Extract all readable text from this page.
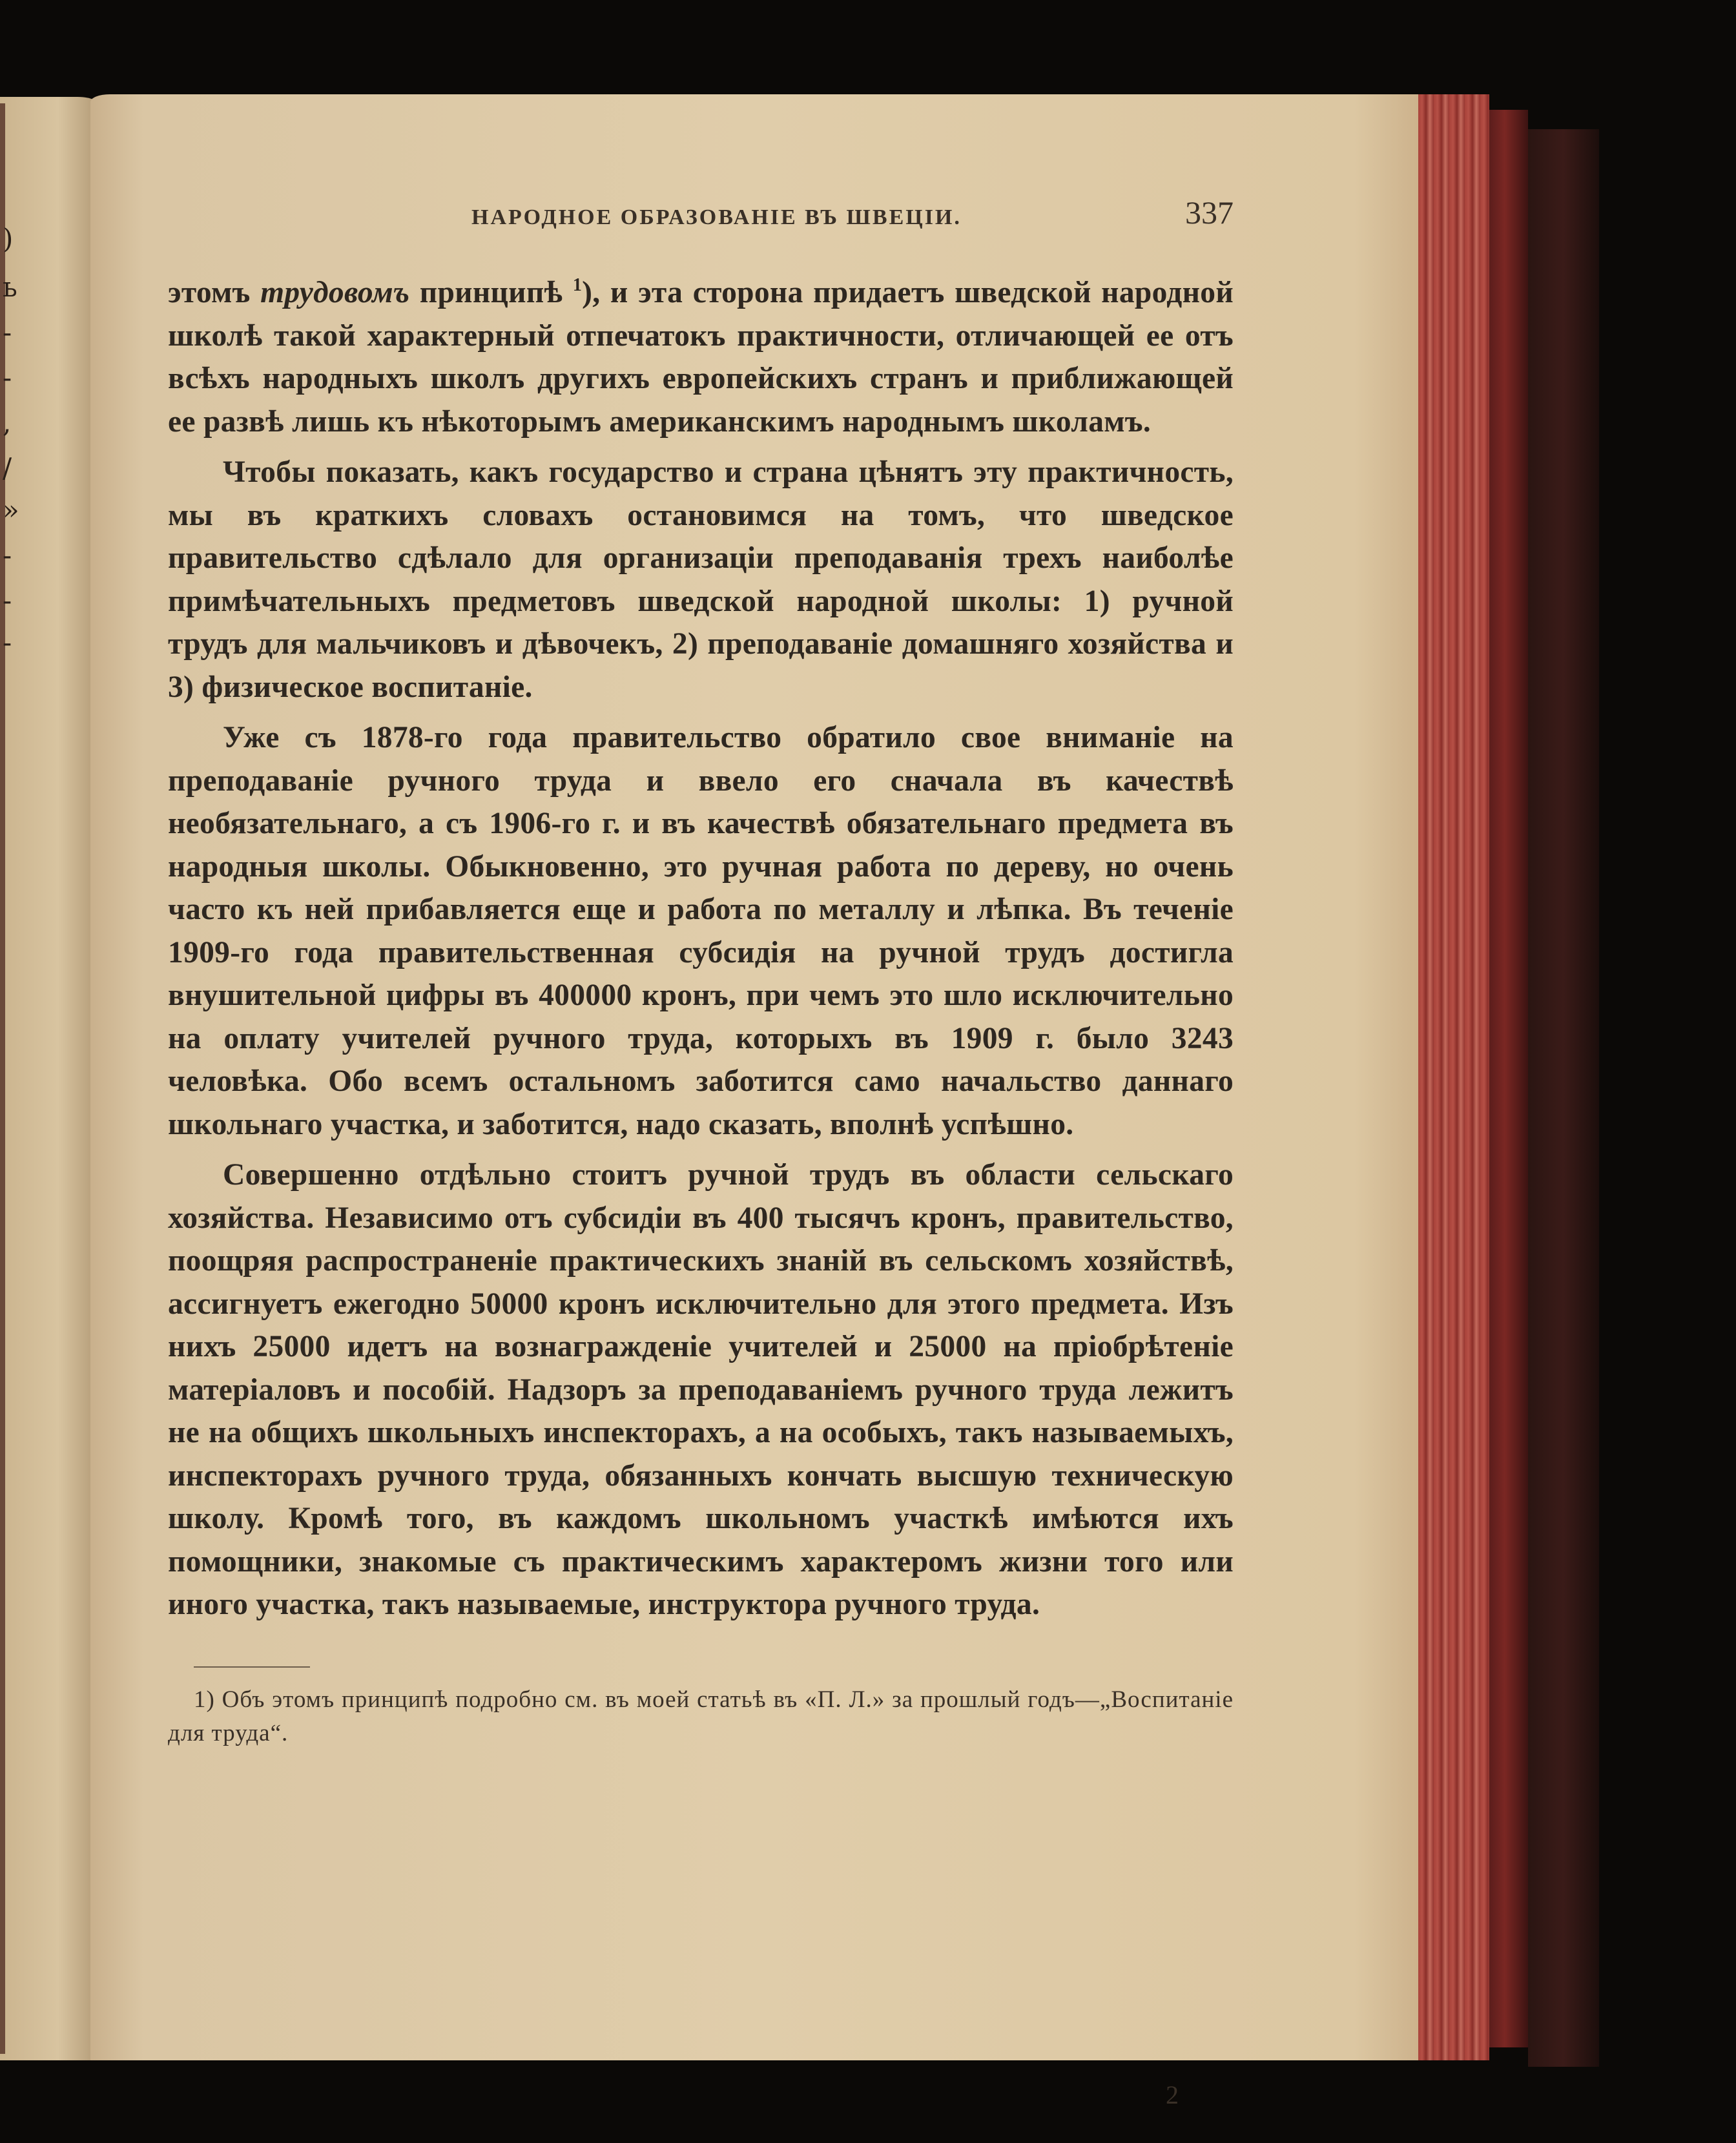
)
ь
-
-
,
/
»
-
-
-
НАРОДНОЕ ОБРАЗОВАНІЕ ВЪ ШВЕЦІИ.	337

этомъ трудовомъ принципѣ $^1$), и эта сторона придаетъ шведской народной школѣ такой характерный отпечатокъ практичности, отличающей ее отъ всѣхъ народныхъ школъ другихъ европейскихъ странъ и приближающей ее развѣ лишь къ нѣкоторымъ американскимъ народнымъ школамъ.

Чтобы показать, какъ государство и страна цѣнятъ эту практичность, мы въ краткихъ словахъ остановимся на томъ, что шведское правительство сдѣлало для организаціи преподаванія трехъ наиболѣе примѣчательныхъ предметовъ шведской народной школы: 1) ручной трудъ для мальчиковъ и дѣвочекъ, 2) преподаваніе домашняго хозяйства и 3) физическое воспитаніе.

Уже съ 1878-го года правительство обратило свое вниманіе на преподаваніе ручного труда и ввело его сначала въ качествѣ необязательнаго, а съ 1906-го г. и въ качествѣ обязательнаго предмета въ народныя школы. Обыкновенно, это ручная работа по дереву, но очень часто къ ней прибавляется еще и работа по металлу и лѣпка. Въ теченіе 1909-го года правительственная субсидія на ручной трудъ достигла внушительной цифры въ 400000 кронъ, при чемъ это шло исключительно на оплату учителей ручного труда, которыхъ въ 1909 г. было 3243 человѣка. Обо всемъ остальномъ заботится само начальство даннаго школьнаго участка, и заботится, надо сказать, вполнѣ успѣшно.

Совершенно отдѣльно стоитъ ручной трудъ въ области сельскаго хозяйства. Независимо отъ субсидіи въ 400 тысячъ кронъ, правительство, поощряя распространеніе практическихъ знаній въ сельскомъ хозяйствѣ, ассигнуетъ ежегодно 50000 кронъ исключительно для этого предмета. Изъ нихъ 25000 идетъ на вознагражденіе учителей и 25000 на пріобрѣтеніе матеріаловъ и пособій. Надзоръ за преподаваніемъ ручного труда лежитъ не на общихъ школьныхъ инспекторахъ, а на особыхъ, такъ называемыхъ, инспекторахъ ручного труда, обязанныхъ кончать высшую техническую школу. Кромѣ того, въ каждомъ школьномъ участкѣ имѣются ихъ помощники, знакомые съ практическимъ характеромъ жизни того или иного участка, такъ называемые, инструктора ручного труда.

1) Объ этомъ принципѣ подробно см. въ моей статьѣ въ «П. Л.» за прошлый годъ—„Воспитаніе для труда“.

2
